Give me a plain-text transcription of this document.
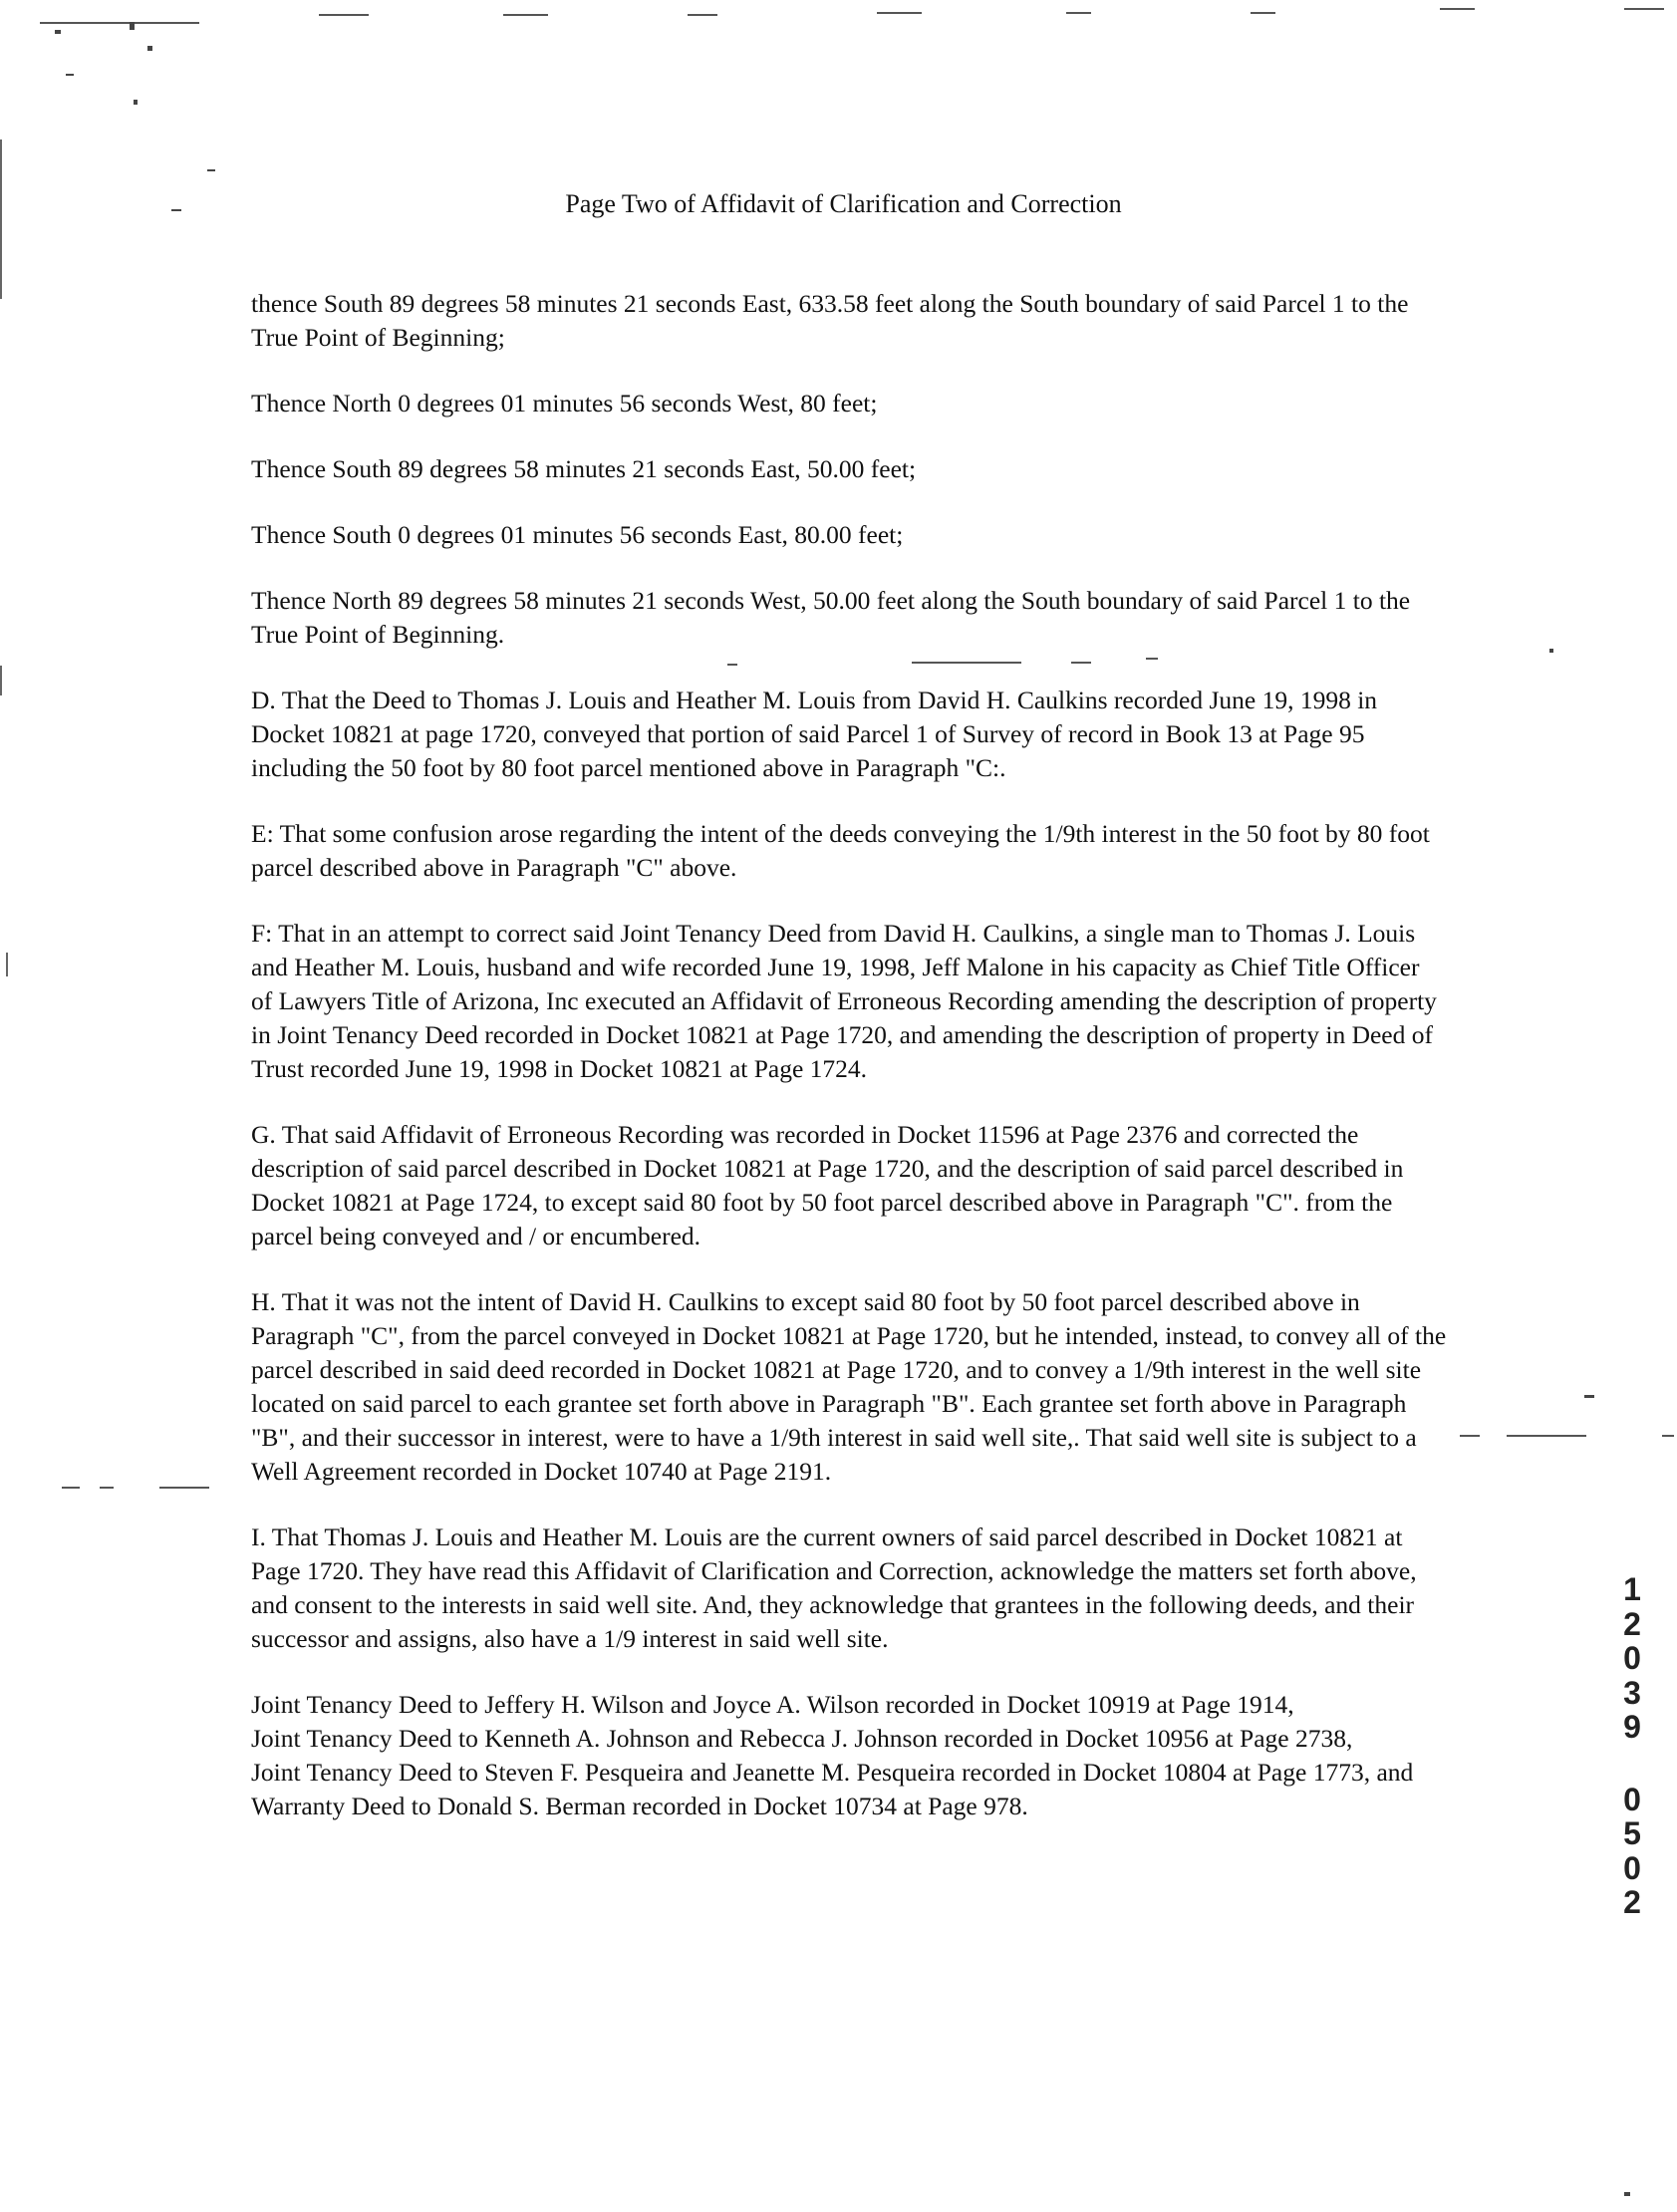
Page Two of Affidavit of Clarification and Correction

thence South 89 degrees 58 minutes 21 seconds East, 633.58 feet along the South boundary of said Parcel 1 to the True Point of Beginning;

Thence North 0 degrees 01 minutes 56 seconds West, 80 feet;

Thence South 89 degrees 58 minutes 21 seconds East, 50.00 feet;

Thence South 0 degrees 01 minutes 56 seconds East, 80.00 feet;

Thence North 89 degrees 58 minutes 21 seconds West, 50.00 feet along the South boundary of said Parcel 1 to the True Point of Beginning.

D. That the Deed to Thomas J. Louis and Heather M. Louis from David H. Caulkins recorded June 19, 1998 in Docket 10821 at page 1720, conveyed that portion of said Parcel 1 of Survey of record in Book 13 at Page 95 including the 50 foot by 80 foot parcel mentioned above in Paragraph "C:.

E: That some confusion arose regarding the intent of the deeds conveying the 1/9th interest in the 50 foot by 80 foot parcel described above in Paragraph "C" above.

F: That in an attempt to correct said Joint Tenancy Deed from David H. Caulkins, a single man to Thomas J. Louis and Heather M. Louis, husband and wife recorded June 19, 1998, Jeff Malone in his capacity as Chief Title Officer of Lawyers Title of Arizona, Inc executed an Affidavit of Erroneous Recording amending the description of property in Joint Tenancy Deed recorded in Docket 10821 at Page 1720, and amending the description of property in Deed of Trust recorded June 19, 1998 in Docket 10821 at Page 1724.

G. That said Affidavit of Erroneous Recording was recorded in Docket 11596 at Page 2376 and corrected the description of said parcel described in Docket 10821 at Page 1720, and the description of said parcel described in Docket 10821 at Page 1724, to except said 80 foot by 50 foot parcel described above in Paragraph "C". from the parcel being conveyed and / or encumbered.

H. That it was not the intent of David H. Caulkins to except said 80 foot by 50 foot parcel described above in Paragraph "C", from the parcel conveyed in Docket 10821 at Page 1720, but he intended, instead, to convey all of the parcel described in said deed recorded in Docket 10821 at Page 1720, and to convey a 1/9th interest in the well site located on said parcel to each grantee set forth above in Paragraph "B". Each grantee set forth above in Paragraph "B", and their successor in interest, were to have a 1/9th interest in said well site,. That said well site is subject to a Well Agreement recorded in Docket 10740 at Page 2191.

I. That Thomas J. Louis and Heather M. Louis are the current owners of said parcel described in Docket 10821 at Page 1720. They have read this Affidavit of Clarification and Correction, acknowledge the matters set forth above, and consent to the interests in said well site. And, they acknowledge that grantees in the following deeds, and their successor and assigns, also have a 1/9 interest in said well site.

Joint Tenancy Deed to Jeffery H. Wilson and Joyce A. Wilson recorded in Docket 10919 at Page 1914,

Joint Tenancy Deed to Kenneth A. Johnson and Rebecca J. Johnson recorded in Docket 10956 at Page 2738,

Joint Tenancy Deed to Steven F. Pesqueira and Jeanette M. Pesqueira recorded in Docket 10804 at Page 1773, and

Warranty Deed to Donald S. Berman recorded in Docket 10734 at Page 978.

1
2
0
3
9
0
5
0
2
